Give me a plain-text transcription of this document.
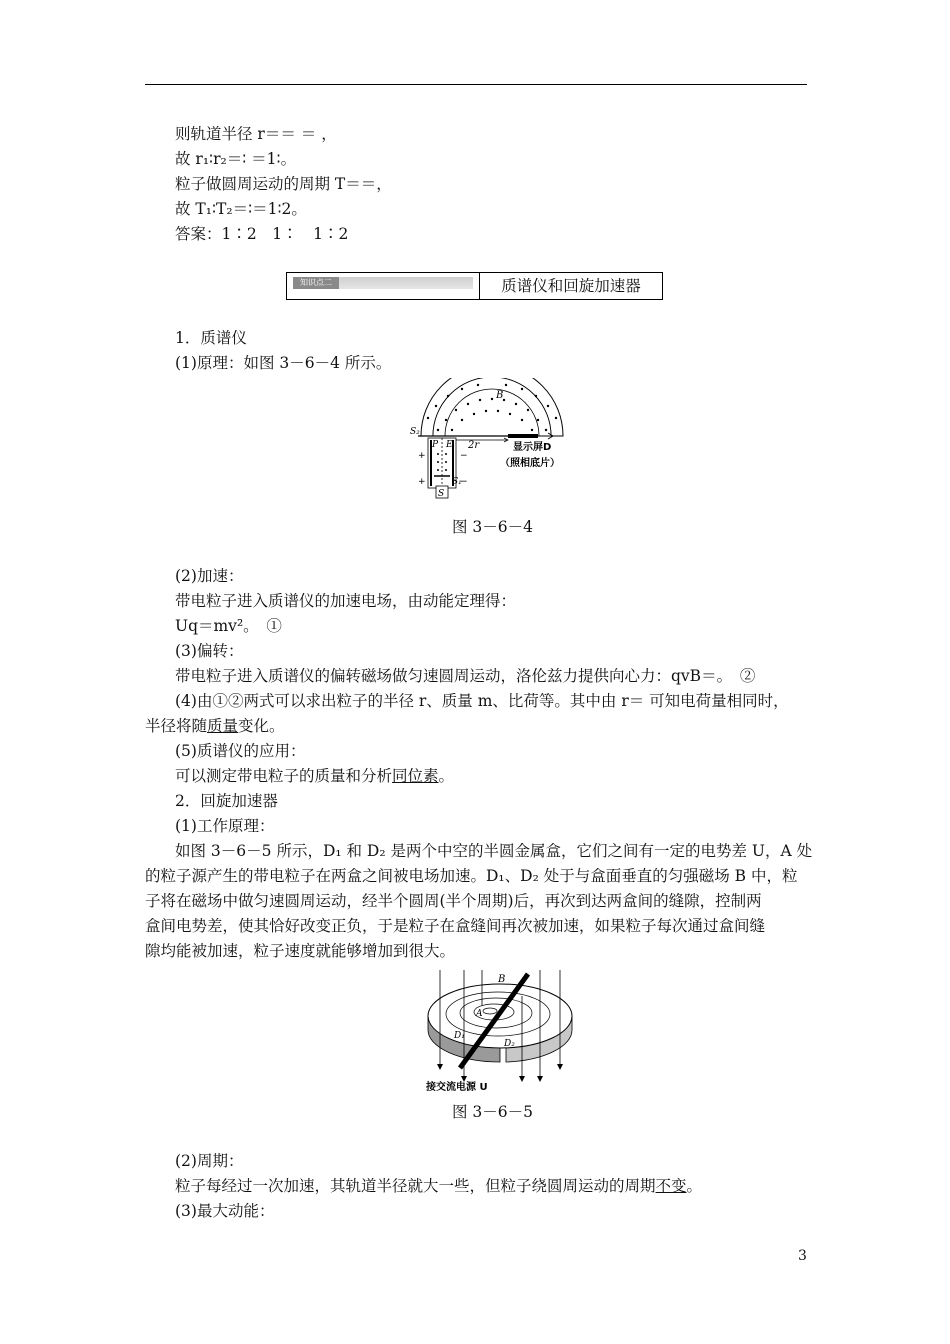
则轨道半径 r＝＝ ＝ ，
故 r₁∶r₂＝∶ ＝1∶。
粒子做圆周运动的周期 T＝＝，
故 T₁∶T₂＝∶＝1∶2。
答案：1∶2　1∶　1∶2
知识点二	质谱仪和回旋加速器
1．质谱仪
(1)原理：如图 3－6－4 所示。
B
2r	显示屏D
（照相底片）
S₂
+	−
P E
S₁
+	−
S
图 3－6－4
(2)加速：
带电粒子进入质谱仪的加速电场，由动能定理得：
Uq＝mv²。　①
(3)偏转：
带电粒子进入质谱仪的偏转磁场做匀速圆周运动，洛伦兹力提供向心力：qvB＝。　②
(4)由①②两式可以求出粒子的半径 r、质量 m、比荷等。其中由 r＝ 可知电荷量相同时，
半径将随质量变化。
(5)质谱仪的应用：
可以测定带电粒子的质量和分析同位素。
2．回旋加速器
(1)工作原理：
如图 3－6－5 所示，D₁ 和 D₂ 是两个中空的半圆金属盒，它们之间有一定的电势差 U，A 处
的粒子源产生的带电粒子在两盒之间被电场加速。D₁、D₂ 处于与盒面垂直的匀强磁场 B 中，粒
子将在磁场中做匀速圆周运动，经半个圆周(半个周期)后，再次到达两盒间的缝隙，控制两
盒间电势差，使其恰好改变正负，于是粒子在盒缝间再次被加速，如果粒子每次通过盒间缝
隙均能被加速，粒子速度就能够增加到很大。
B
A
D₁
D₂
接交流电源 U
图 3－6－5
(2)周期：
粒子每经过一次加速，其轨道半径就大一些，但粒子绕圆周运动的周期不变。
(3)最大动能：
3
